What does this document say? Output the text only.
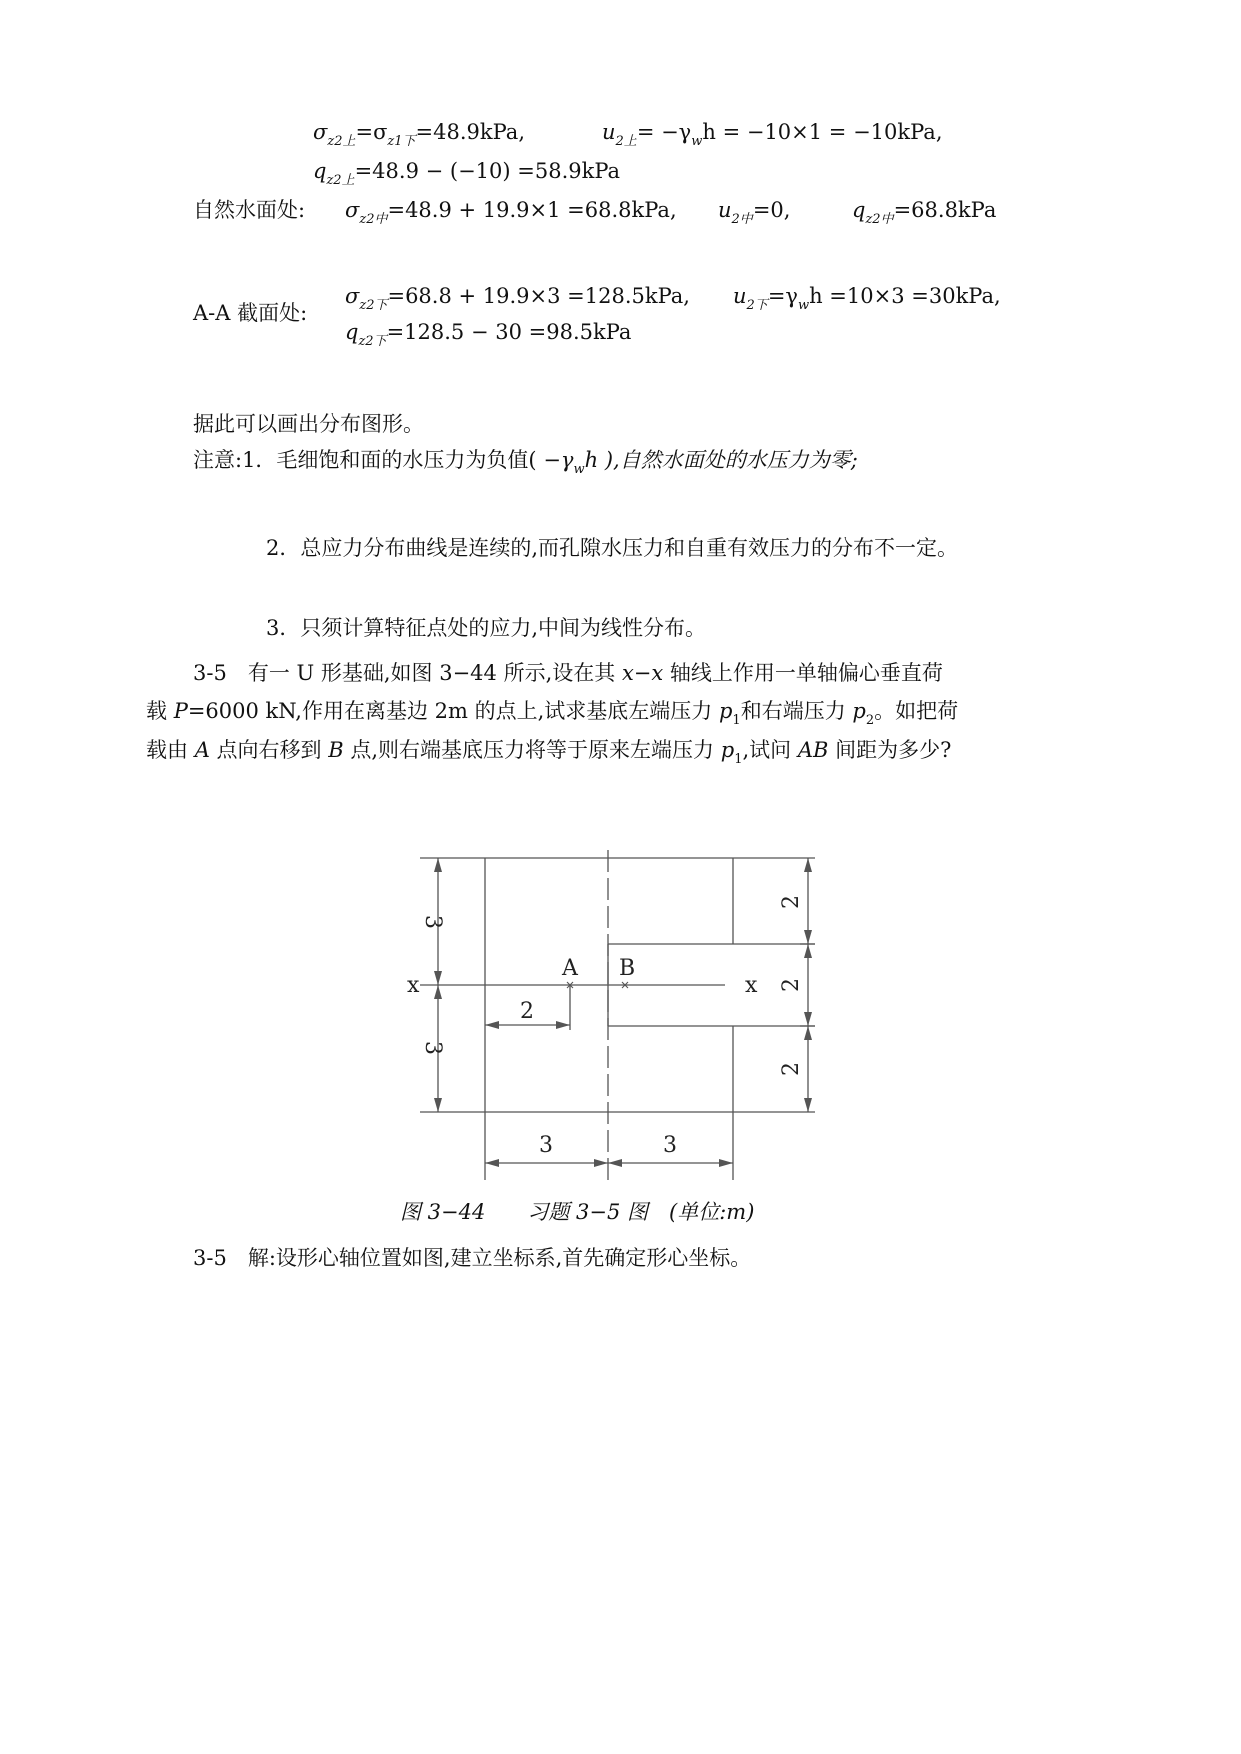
$\sigma_{z2上}=\sigma_{z1下}=48.9kPa$,	$u_{2上}= -\gamma_wh = -10\times 1 = -10kPa$,
$q_{z2上}=48.9 - (-10) =58.9kPa$
自然水面处: $\sigma_{z2中}=48.9 + 19.9\times 1 =68.8kPa$, $u_{2中}=0$,	$q_{z2中}=68.8kPa$
A-A 截面处:
$\sigma_{z2下}=68.8 + 19.9\times 3 =128.5kPa$, $u_{2下}=\gamma_wh =10\times 3 =30kPa$,
$q_{z2下}=128.5 - 30 =98.5kPa$
据此可以画出分布图形。
注意:1．毛细饱和面的水压力为负值( $-\gamma_wh$ ),自然水面处的水压力为零;
2．总应力分布曲线是连续的,而孔隙水压力和自重有效压力的分布不一定。
3．只须计算特征点处的应力,中间为线性分布。
3-5　有一 U 形基础,如图 3−44 所示,设在其 x−x 轴线上作用一单轴偏心垂直荷
载 P=6000 kN,作用在离基边 2m 的点上,试求基底左端压力 $p_1$和右端压力 $p_2$。如把荷
载由 A 点向右移到 B 点,则右端基底压力将等于原来左端压力 $p_1$,试问 AB 间距为多少?
3
3
2
2
2
3	3
2
x	x
A B
图 3−44　　习题 3−5 图　(单位:m)
3-5　解:设形心轴位置如图,建立坐标系,首先确定形心坐标。
